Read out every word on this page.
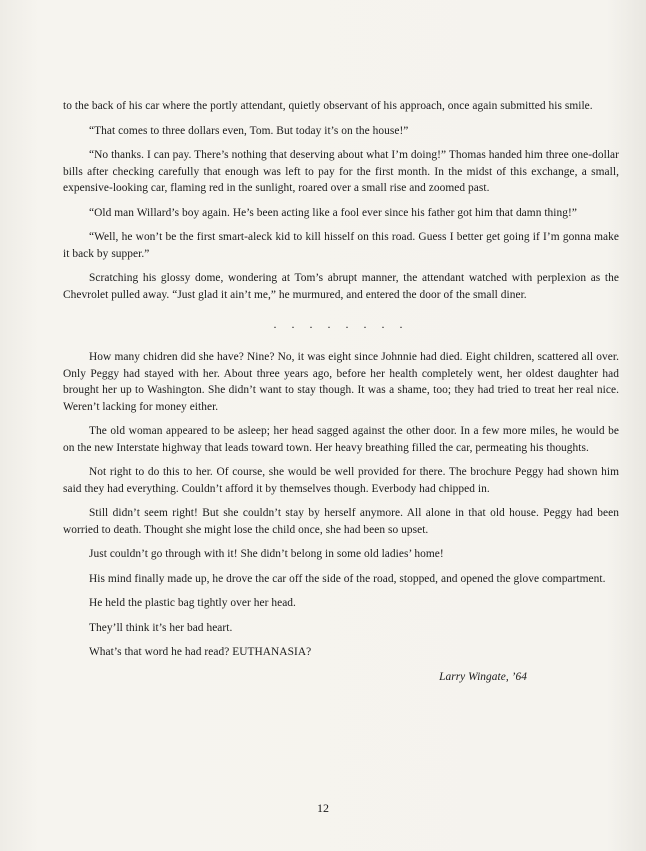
to the back of his car where the portly attendant, quietly observant of his approach, once again submitted his smile.

“That comes to three dollars even, Tom. But today it’s on the house!”

“No thanks. I can pay. There’s nothing that deserving about what I’m doing!” Thomas handed him three one-dollar bills after checking carefully that enough was left to pay for the first month. In the midst of this exchange, a small, expensive-looking car, flaming red in the sunlight, roared over a small rise and zoomed past.

“Old man Willard’s boy again. He’s been acting like a fool ever since his father got him that damn thing!”

“Well, he won’t be the first smart-aleck kid to kill hisself on this road. Guess I better get going if I’m gonna make it back by supper.”

Scratching his glossy dome, wondering at Tom’s abrupt manner, the attendant watched with perplexion as the Chevrolet pulled away. “Just glad it ain’t me,” he murmured, and entered the door of the small diner.

. . . . . . . .

How many chidren did she have? Nine? No, it was eight since Johnnie had died. Eight children, scattered all over. Only Peggy had stayed with her. About three years ago, before her health completely went, her oldest daughter had brought her up to Washington. She didn’t want to stay though. It was a shame, too; they had tried to treat her real nice. Weren’t lacking for money either.

The old woman appeared to be asleep; her head sagged against the other door. In a few more miles, he would be on the new Interstate highway that leads toward town. Her heavy breathing filled the car, permeating his thoughts.

Not right to do this to her. Of course, she would be well provided for there. The brochure Peggy had shown him said they had everything. Couldn’t afford it by themselves though. Everbody had chipped in.

Still didn’t seem right! But she couldn’t stay by herself anymore. All alone in that old house. Peggy had been worried to death. Thought she might lose the child once, she had been so upset.

Just couldn’t go through with it! She didn’t belong in some old ladies’ home!

His mind finally made up, he drove the car off the side of the road, stopped, and opened the glove compartment.

He held the plastic bag tightly over her head.

They’ll think it’s her bad heart.

What’s that word he had read? EUTHANASIA?

Larry Wingate, ’64

12
